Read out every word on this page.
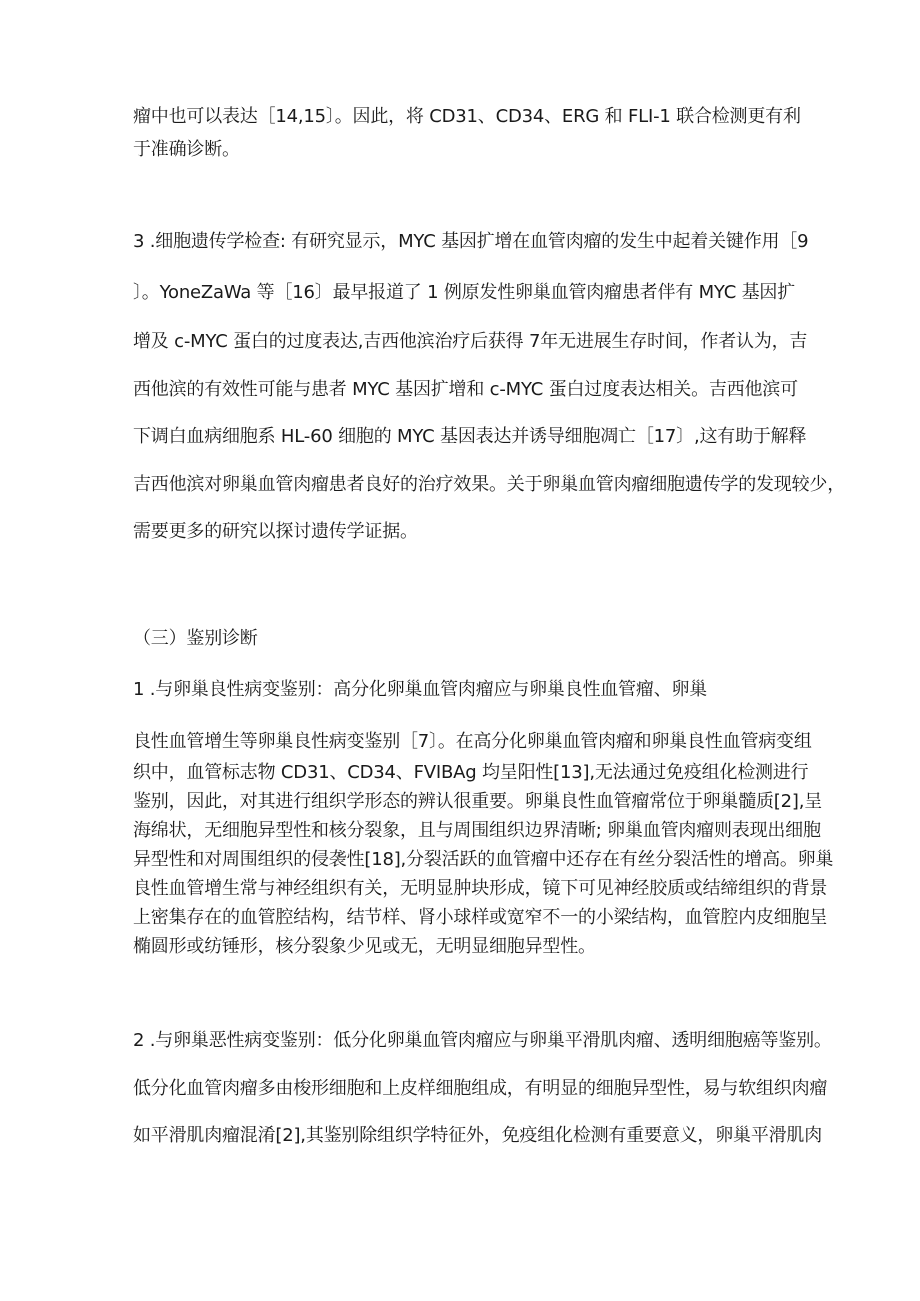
瘤中也可以表达［14,15〕。因此，将 CD31、CD34、ERG 和 FLI-1 联合检测更有利
于准确诊断。
3 .细胞遗传学检查: 有研究显示，MYC 基因扩增在血管肉瘤的发生中起着关键作用［9
〕。YoneZaWa 等［16〕最早报道了 1 例原发性卵巢血管肉瘤患者伴有 MYC 基因扩
增及 c-MYC 蛋白的过度表达,吉西他滨治疗后获得 7年无进展生存时间，作者认为，吉
西他滨的有效性可能与患者 MYC 基因扩增和 c-MYC 蛋白过度表达相关。吉西他滨可
下调白血病细胞系 HL-60 细胞的 MYC 基因表达并诱导细胞凋亡［17〕,这有助于解释
吉西他滨对卵巢血管肉瘤患者良好的治疗效果。关于卵巢血管肉瘤细胞遗传学的发现较少，
需要更多的研究以探讨遗传学证据。
（三）鉴别诊断
1 .与卵巢良性病变鉴别：高分化卵巢血管肉瘤应与卵巢良性血管瘤、卵巢
良性血管增生等卵巢良性病变鉴别［7〕。在高分化卵巢血管肉瘤和卵巢良性血管病变组
织中，血管标志物 CD31、CD34、FVIBAg 均呈阳性[13],无法通过免疫组化检测进行
鉴别，因此，对其进行组织学形态的辨认很重要。卵巢良性血管瘤常位于卵巢髓质[2],呈
海绵状，无细胞异型性和核分裂象，且与周围组织边界清晰; 卵巢血管肉瘤则表现出细胞
异型性和对周围组织的侵袭性[18],分裂活跃的血管瘤中还存在有丝分裂活性的增高。卵巢
良性血管增生常与神经组织有关，无明显肿块形成，镜下可见神经胶质或结缔组织的背景
上密集存在的血管腔结构，结节样、肾小球样或宽窄不一的小梁结构，血管腔内皮细胞呈
椭圆形或纺锤形，核分裂象少见或无，无明显细胞异型性。
2 .与卵巢恶性病变鉴别：低分化卵巢血管肉瘤应与卵巢平滑肌肉瘤、透明细胞癌等鉴别。
低分化血管肉瘤多由梭形细胞和上皮样细胞组成，有明显的细胞异型性，易与软组织肉瘤
如平滑肌肉瘤混淆[2],其鉴别除组织学特征外，免疫组化检测有重要意义，卵巢平滑肌肉
